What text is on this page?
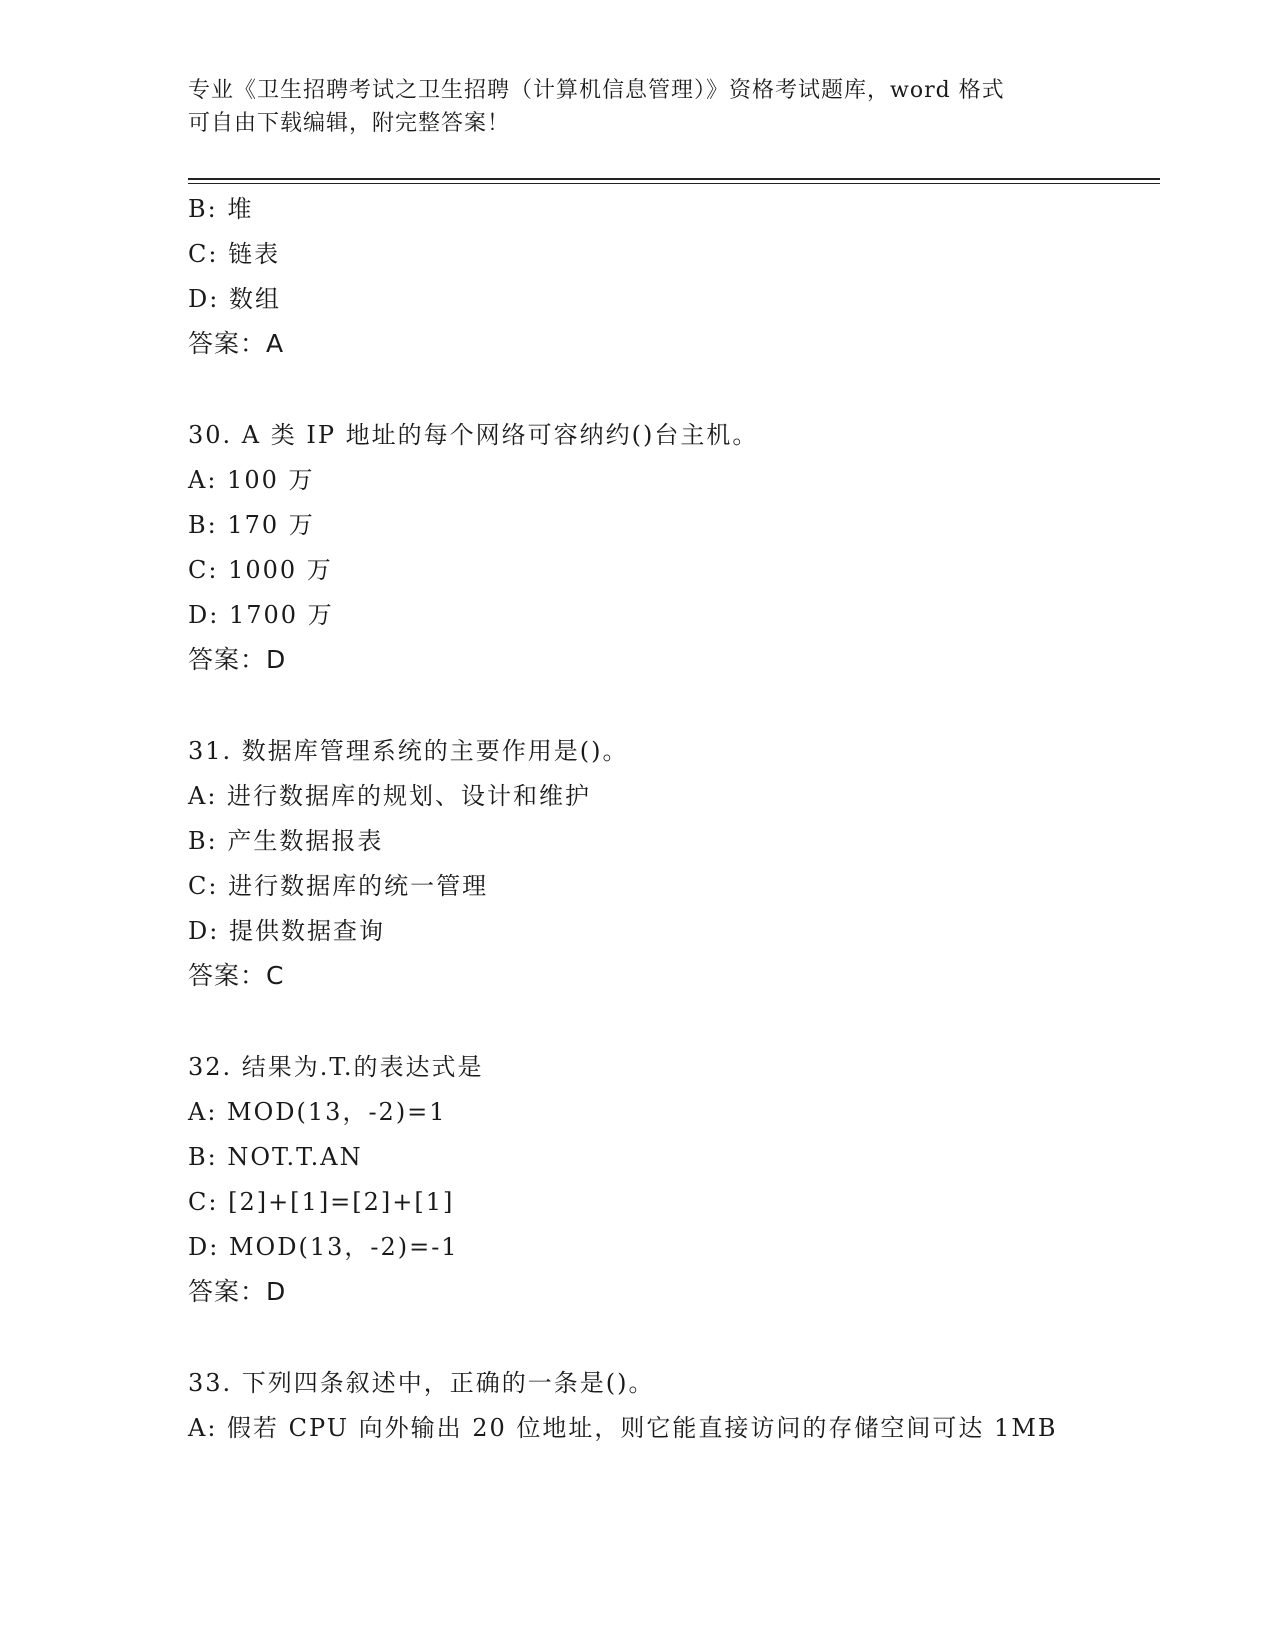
专业《卫生招聘考试之卫生招聘（计算机信息管理）》资格考试题库，word 格式
可自由下载编辑，附完整答案！
B: 堆
C: 链表
D: 数组
答案：A
30. A 类 IP 地址的每个网络可容纳约()台主机。
A: 100 万
B: 170 万
C: 1000 万
D: 1700 万
答案：D
31. 数据库管理系统的主要作用是()。
A: 进行数据库的规划、设计和维护
B: 产生数据报表
C: 进行数据库的统一管理
D: 提供数据查询
答案：C
32. 结果为.T.的表达式是
A: MOD(13，-2)=1
B: NOT.T.AN
C: [2]+[1]=[2]+[1]
D: MOD(13，-2)=-1
答案：D
33. 下列四条叙述中，正确的一条是()。
A: 假若 CPU 向外输出 20 位地址，则它能直接访问的存储空间可达 1MB
